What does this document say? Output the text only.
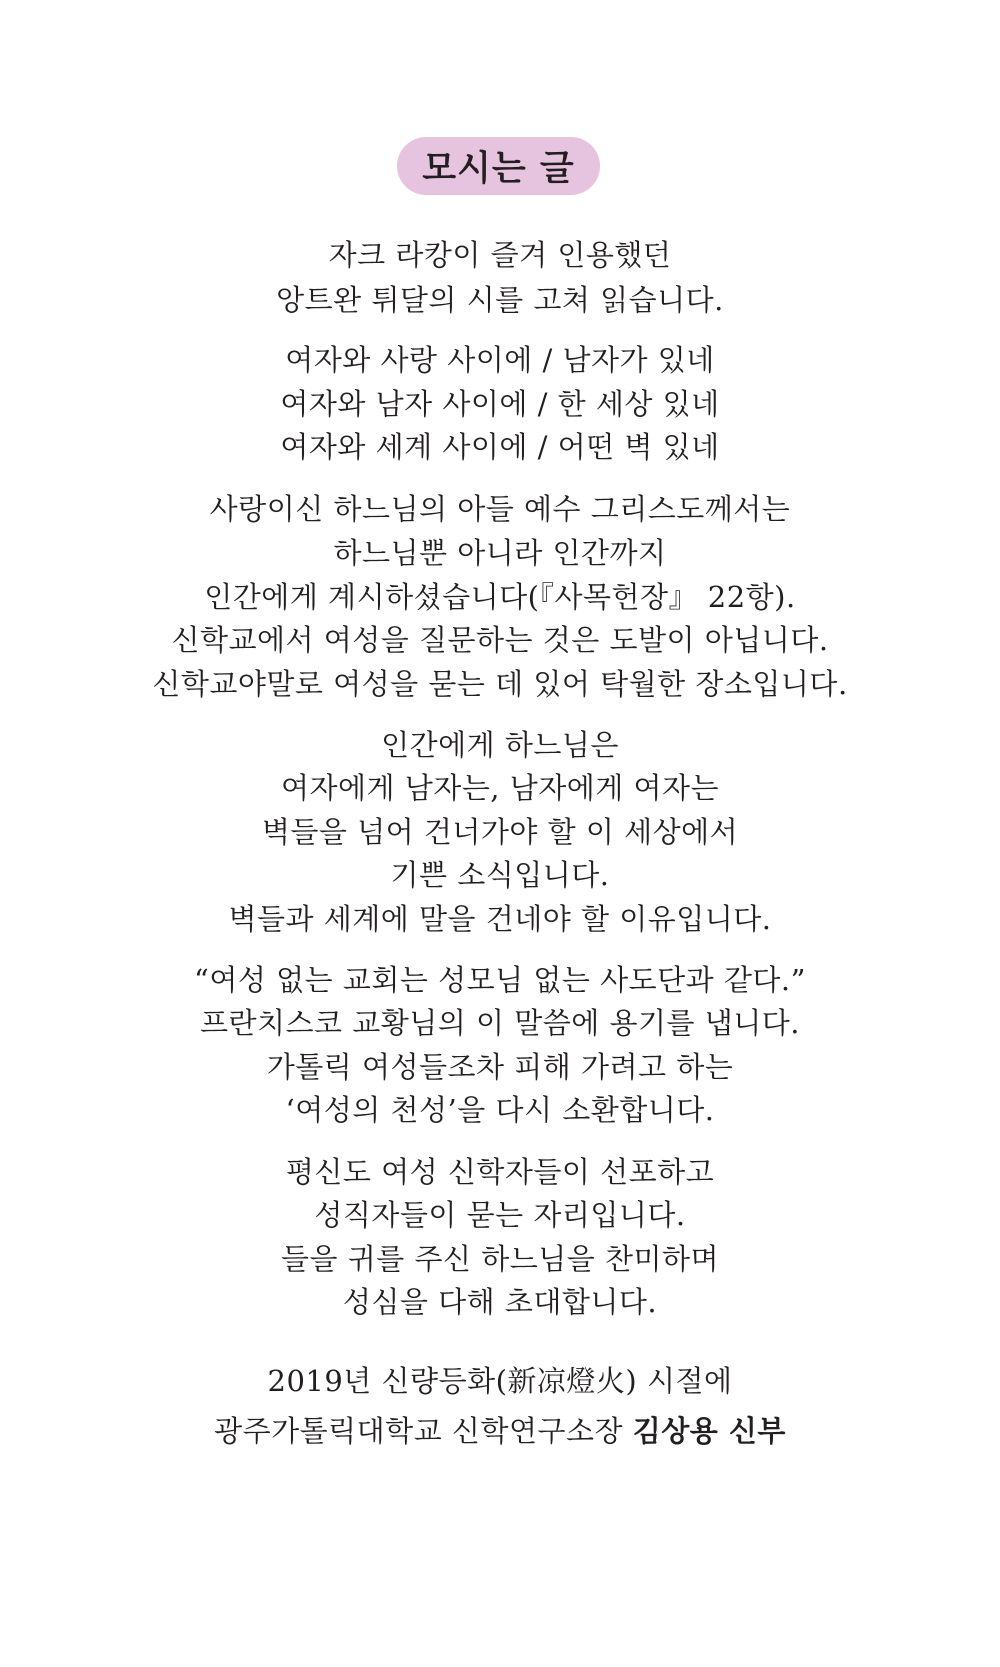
모시는 글
자크 라캉이 즐겨 인용했던
앙트완 튀달의 시를 고쳐 읽습니다.
여자와 사랑 사이에 / 남자가 있네
여자와 남자 사이에 / 한 세상 있네
여자와 세계 사이에 / 어떤 벽 있네
사랑이신 하느님의 아들 예수 그리스도께서는
하느님뿐 아니라 인간까지
인간에게 계시하셨습니다(『사목헌장』 22항).
신학교에서 여성을 질문하는 것은 도발이 아닙니다.
신학교야말로 여성을 묻는 데 있어 탁월한 장소입니다.
인간에게 하느님은
여자에게 남자는, 남자에게 여자는
벽들을 넘어 건너가야 할 이 세상에서
기쁜 소식입니다.
벽들과 세계에 말을 건네야 할 이유입니다.
“여성 없는 교회는 성모님 없는 사도단과 같다.”
프란치스코 교황님의 이 말씀에 용기를 냅니다.
가톨릭 여성들조차 피해 가려고 하는
‘여성의 천성’을 다시 소환합니다.
평신도 여성 신학자들이 선포하고
성직자들이 묻는 자리입니다.
들을 귀를 주신 하느님을 찬미하며
성심을 다해 초대합니다.
2019년 신량등화(新凉燈火) 시절에
광주가톨릭대학교 신학연구소장 김상용 신부
